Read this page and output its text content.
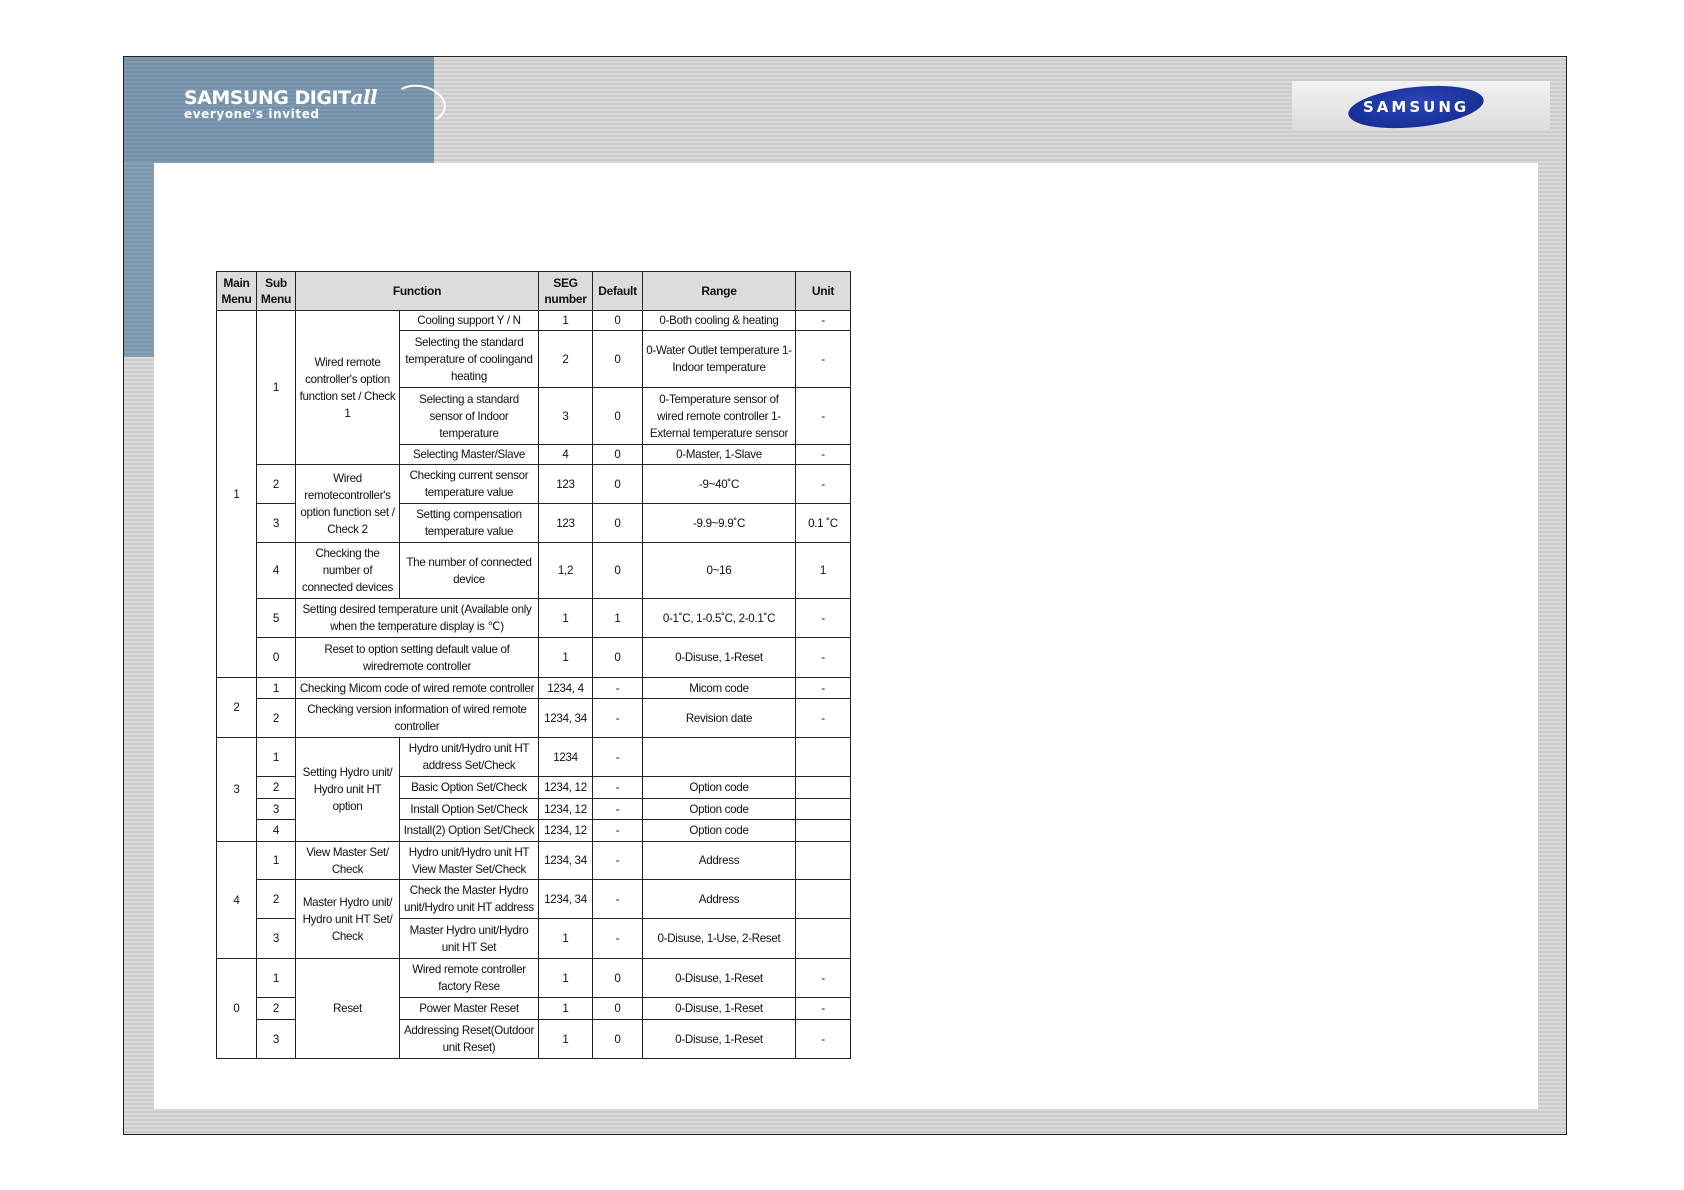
SAMSUNG DIGITall
everyone's invited	SAMSUNG
Main Menu	Sub Menu	Function		SEG number	Default	Range	Unit
1	1	Wired remote controller's option function set / Check 1	Cooling support Y / N	1	0	0-Both cooling & heating	-
			Selecting the standard temperature of coolingand heating	2	0	0-Water Outlet temperature 1-Indoor temperature	-
			Selecting a standard sensor of Indoor temperature	3	0	0-Temperature sensor of wired remote controller 1-External temperature sensor	-
			Selecting Master/Slave	4	0	0-Master, 1-Slave	-
	2	Wired remotecontroller's option function set / Check 2	Checking current sensor temperature value	123	0	-9~40˚C	-
	3		Setting compensation temperature value	123	0	-9.9~9.9˚C	0.1 ˚C
	4	Checking the number of connected devices	The number of connected device	1,2	0	0~16	1
	5	Setting desired temperature unit (Available only when the temperature display is ℃)		1	1	0-1˚C, 1-0.5˚C, 2-0.1˚C	-
	0	Reset to option setting default value of wiredremote controller		1	0	0-Disuse, 1-Reset	-
2	1	Checking Micom code of wired remote controller		1234, 4	-	Micom code	-
	2	Checking version information of wired remote controller		1234, 34	-	Revision date	-
3	1	Setting Hydro unit/ Hydro unit HT option	Hydro unit/Hydro unit HT address Set/Check	1234	-		
	2		Basic Option Set/Check	1234, 12	-	Option code	
	3		Install Option Set/Check	1234, 12	-	Option code	
	4		Install(2) Option Set/Check	1234, 12	-	Option code	
4	1	View Master Set/ Check	Hydro unit/Hydro unit HT View Master Set/Check	1234, 34	-	Address	
	2	Master Hydro unit/ Hydro unit HT Set/ Check	Check the Master Hydro unit/Hydro unit HT address	1234, 34	-	Address	
	3		Master Hydro unit/Hydro unit HT Set	1	-	0-Disuse, 1-Use, 2-Reset	
0	1	Reset	Wired remote controller factory Rese	1	0	0-Disuse, 1-Reset	-
	2		Power Master Reset	1	0	0-Disuse, 1-Reset	-
	3		Addressing Reset(Outdoor unit Reset)	1	0	0-Disuse, 1-Reset	-
